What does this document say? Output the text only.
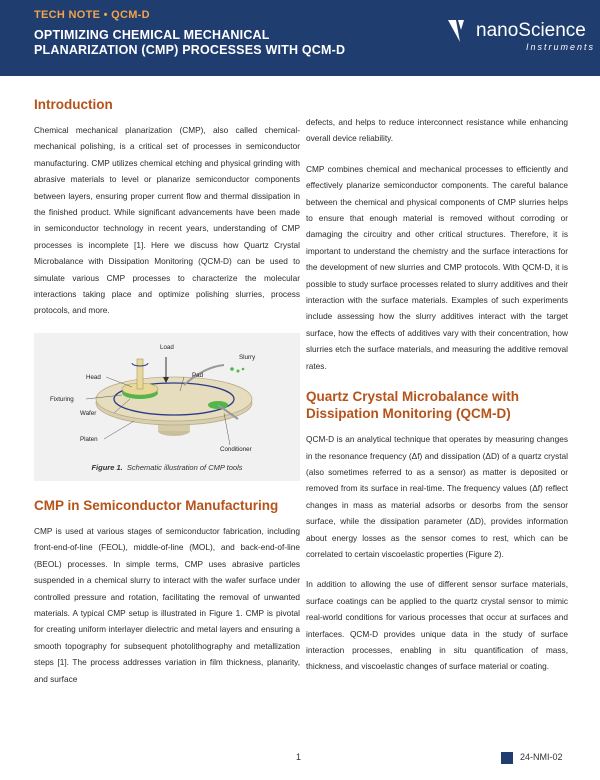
TECH NOTE • QCM-D
OPTIMIZING CHEMICAL MECHANICAL PLANARIZATION (CMP) PROCESSES WITH QCM-D
nanoScience
Instruments
Introduction

Chemical mechanical planarization (CMP), also called chemical-mechanical polishing, is a critical set of processes in semiconductor manufacturing. CMP utilizes chemical etching and physical grinding with abrasive materials to level or planarize semiconductor components between layers, ensuring proper current flow and thermal dissipation in the finished product. While significant advancements have been made in semiconductor technology in recent years, understanding of CMP processes is incomplete [1]. Here we discuss how Quartz Crystal Microbalance with Dissipation Monitoring (QCM-D) can be used to simulate various CMP processes to characterize the molecular interactions taking place and optimize polishing slurries, process protocols, and more.

Load
Slurry
Head	Pad
Fixturing
Wafer
Platen
Conditioner
Figure 1. Schematic illustration of CMP tools
CMP in Semiconductor Manufacturing

CMP is used at various stages of semiconductor fabrication, including front-end-of-line (FEOL), middle-of-line (MOL), and back-end-of-line (BEOL) processes. In simple terms, CMP uses abrasive particles suspended in a chemical slurry to interact with the wafer surface under controlled pressure and rotation, facilitating the removal of unwanted materials. A typical CMP setup is illustrated in Figure 1. CMP is pivotal for creating uniform interlayer dielectric and metal layers and ensuring a smooth topography for subsequent photolithography and metallization steps [1]. The process addresses variation in film thickness, planarity, and surface

defects, and helps to reduce interconnect resistance while enhancing overall device reliability.

CMP combines chemical and mechanical processes to efficiently and effectively planarize semiconductor components. The careful balance between the chemical and physical components of CMP slurries helps to ensure that enough material is removed without corroding or damaging the circuitry and other critical structures. Therefore, it is important to understand the chemistry and the surface interactions for the development of new slurries and CMP protocols. With QCM-D, it is possible to study surface processes related to slurry additives and their interaction with the surface materials. Examples of such experiments include assessing how the slurry additives interact with the target surface, how the effects of additives vary with their concentration, how slurries etch the surface materials, and measuring the additive removal rates.

Quartz Crystal Microbalance with Dissipation Monitoring (QCM-D)

QCM-D is an analytical technique that operates by measuring changes in the resonance frequency (Δf) and dissipation (ΔD) of a quartz crystal (also sometimes referred to as a sensor) as matter is deposited or removed from its surface in real-time. The frequency values (Δf) reflect changes in mass as material adsorbs or desorbs from the sensor surface, while the dissipation parameter (ΔD), provides information about energy losses as the sensor comes to rest, which can be correlated to certain viscoelastic properties (Figure 2).

In addition to allowing the use of different sensor surface materials, surface coatings can be applied to the quartz crystal sensor to mimic real-world conditions for various processes that occur at surfaces and interfaces. QCM-D provides unique data in the study of surface interaction processes, enabling in situ quantification of mass, thickness, and viscoelastic changes of surface material or coating.

1	24-NMI-02
